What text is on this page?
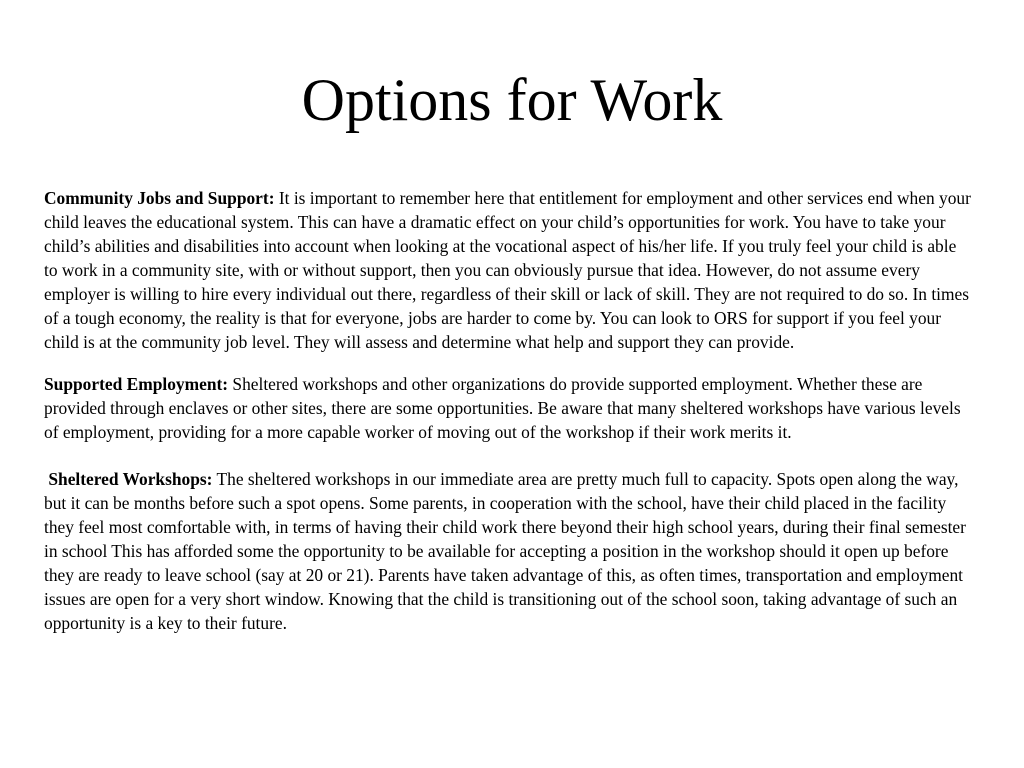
Options for Work

Community Jobs and Support: It is important to remember here that entitlement for employment and other services end when your child leaves the educational system. This can have a dramatic effect on your child’s opportunities for work. You have to take your child’s abilities and disabilities into account when looking at the vocational aspect of his/her life. If you truly feel your child is able to work in a community site, with or without support, then you can obviously pursue that idea. However, do not assume every employer is willing to hire every individual out there, regardless of their skill or lack of skill. They are not required to do so. In times of a tough economy, the reality is that for everyone, jobs are harder to come by. You can look to ORS for support if you feel your child is at the community job level. They will assess and determine what help and support they can provide.

Supported Employment: Sheltered workshops and other organizations do provide supported employment. Whether these are provided through enclaves or other sites, there are some opportunities. Be aware that many sheltered workshops have various levels of employment, providing for a more capable worker of moving out of the workshop if their work merits it.

Sheltered Workshops: The sheltered workshops in our immediate area are pretty much full to capacity. Spots open along the way, but it can be months before such a spot opens. Some parents, in cooperation with the school, have their child placed in the facility they feel most comfortable with, in terms of having their child work there beyond their high school years, during their final semester in school This has afforded some the opportunity to be available for accepting a position in the workshop should it open up before they are ready to leave school (say at 20 or 21). Parents have taken advantage of this, as often times, transportation and employment issues are open for a very short window. Knowing that the child is transitioning out of the school soon, taking advantage of such an opportunity is a key to their future.
